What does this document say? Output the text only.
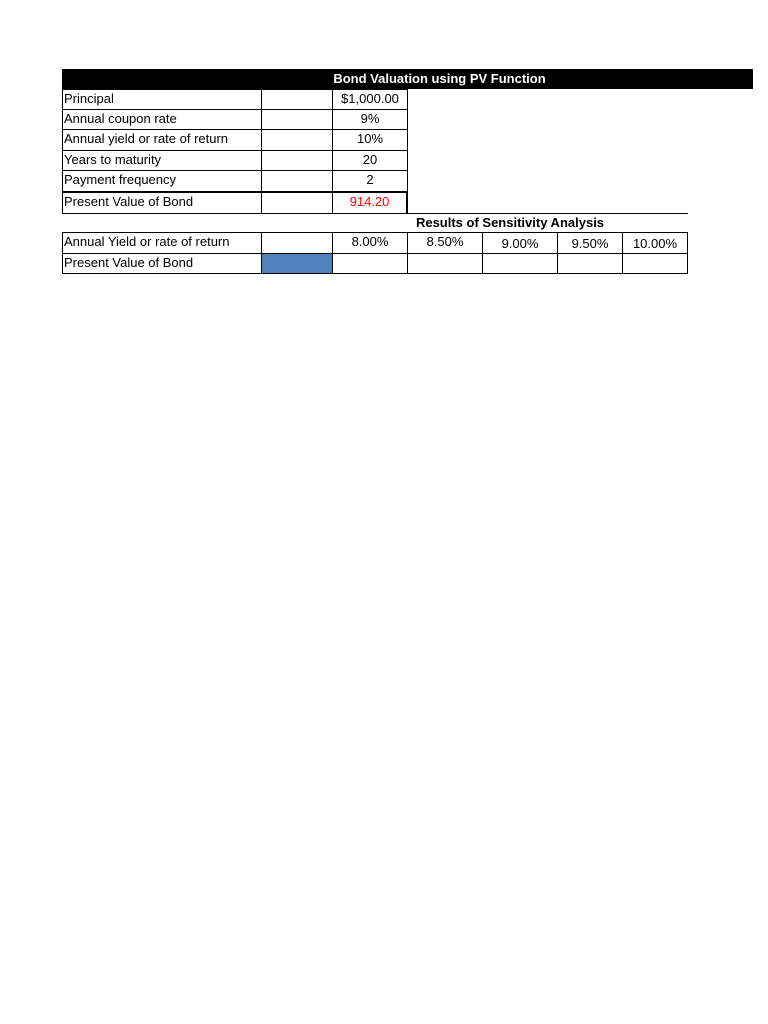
Bond Valuation using PV Function
Principal	$1,000.00
Annual coupon rate	9%
Annual yield or rate of return	10%
Years to maturity	20
Payment frequency	2
Present Value of Bond	914.20
Results of Sensitivity Analysis
Annual Yield or rate of return	8.00%	8.50%	9.00%	9.50%	10.00%
Present Value of Bond
